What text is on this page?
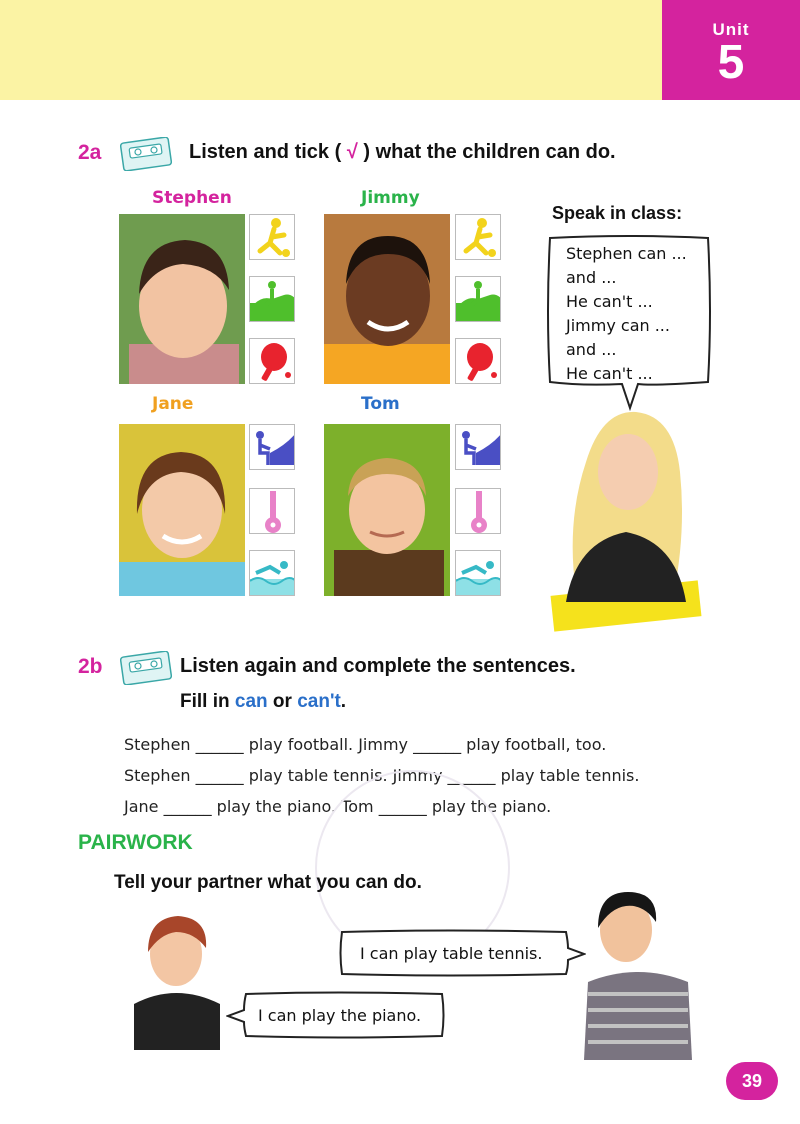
Unit
5
2a	Listen and tick ( √ ) what the children can do.
Stephen	Jimmy
Jane	Tom
Speak in class:
Stephen can ...
and ...
He can't ...
Jimmy can ...
and ...
He can't ...
2b	Listen again and complete the sentences.
Fill in can or can't.
Stephen ______ play football. Jimmy ______ play football, too.
Stephen ______ play table tennis. Jimmy ______ play table tennis.
Jane ______ play the piano. Tom ______ play the piano.
PAIRWORK
Tell your partner what you can do.
I can play table tennis.
I can play the piano.
39
